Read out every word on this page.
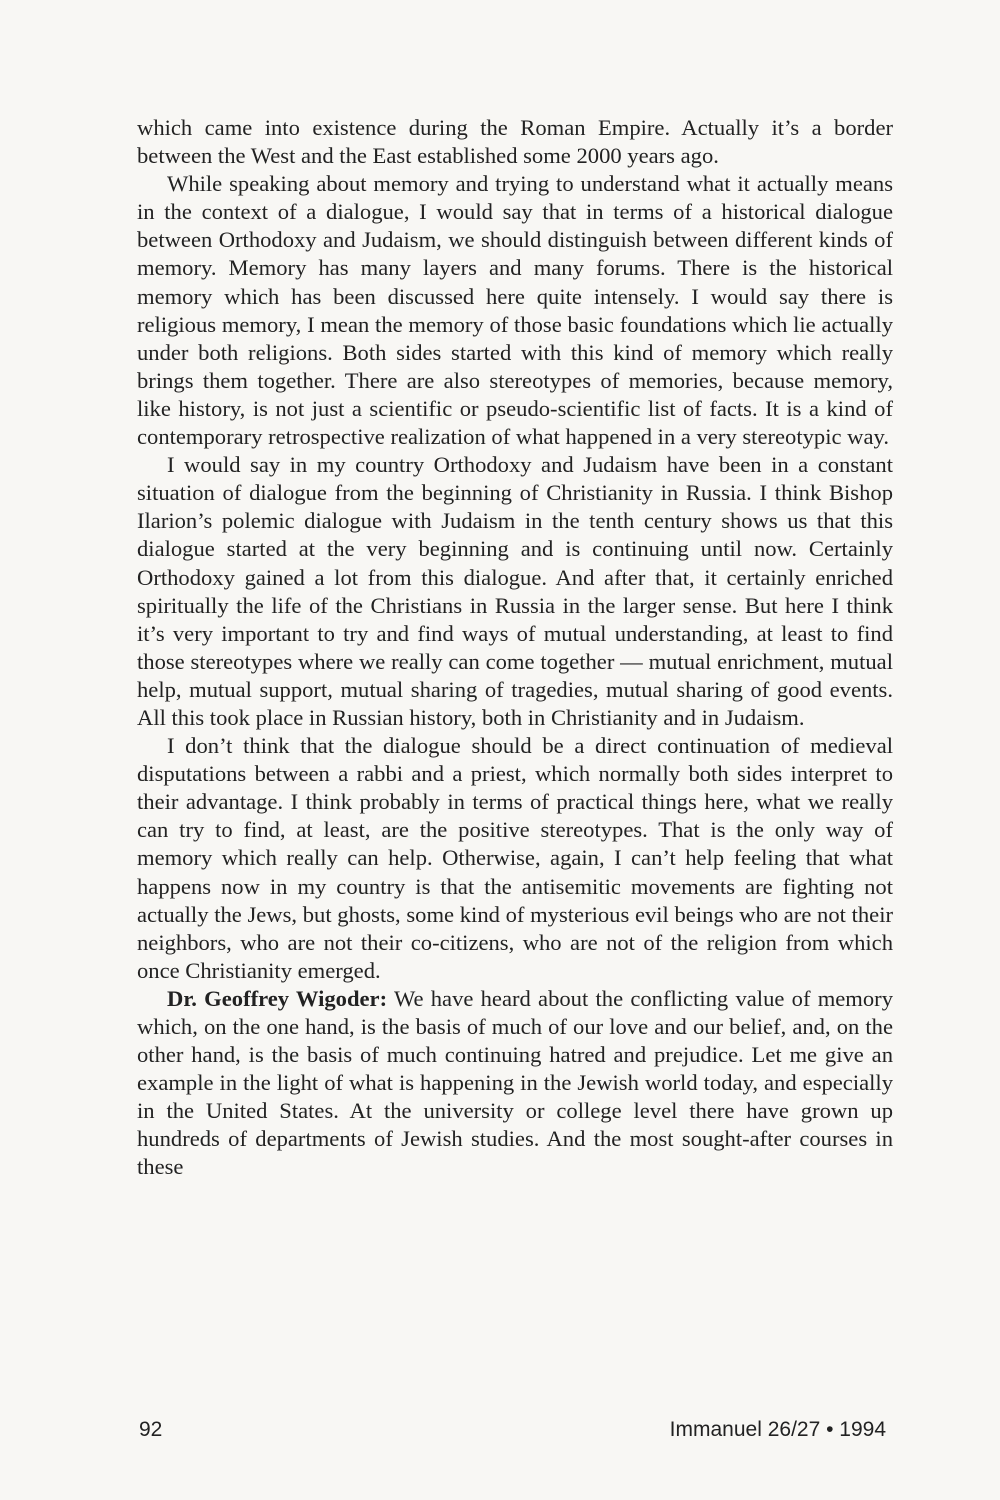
which came into existence during the Roman Empire. Actually it’s a border between the West and the East established some 2000 years ago.

While speaking about memory and trying to understand what it actually means in the context of a dialogue, I would say that in terms of a historical dialogue between Orthodoxy and Judaism, we should distinguish between different kinds of memory. Memory has many layers and many forums. There is the historical memory which has been discussed here quite intensely. I would say there is religious memory, I mean the memory of those basic foundations which lie actually under both religions. Both sides started with this kind of memory which really brings them together. There are also stereotypes of memories, because memory, like history, is not just a scientific or pseudo-scientific list of facts. It is a kind of contemporary retrospective realization of what happened in a very stereotypic way.

I would say in my country Orthodoxy and Judaism have been in a constant situation of dialogue from the beginning of Christianity in Russia. I think Bishop Ilarion’s polemic dialogue with Judaism in the tenth century shows us that this dialogue started at the very beginning and is continuing until now. Certainly Orthodoxy gained a lot from this dialogue. And after that, it certainly enriched spiritually the life of the Christians in Russia in the larger sense. But here I think it’s very important to try and find ways of mutual understanding, at least to find those stereotypes where we really can come together — mutual enrichment, mutual help, mutual support, mutual sharing of tragedies, mutual sharing of good events. All this took place in Russian history, both in Christianity and in Judaism.

I don’t think that the dialogue should be a direct continuation of medieval disputations between a rabbi and a priest, which normally both sides interpret to their advantage. I think probably in terms of practical things here, what we really can try to find, at least, are the positive stereotypes. That is the only way of memory which really can help. Otherwise, again, I can’t help feeling that what happens now in my country is that the antisemitic movements are fighting not actually the Jews, but ghosts, some kind of mysterious evil beings who are not their neighbors, who are not their co-citizens, who are not of the religion from which once Christianity emerged.

Dr. Geoffrey Wigoder: We have heard about the conflicting value of memory which, on the one hand, is the basis of much of our love and our belief, and, on the other hand, is the basis of much continuing hatred and prejudice. Let me give an example in the light of what is happening in the Jewish world today, and especially in the United States. At the university or college level there have grown up hundreds of departments of Jewish studies. And the most sought-after courses in these

92	Immanuel 26/27 • 1994
